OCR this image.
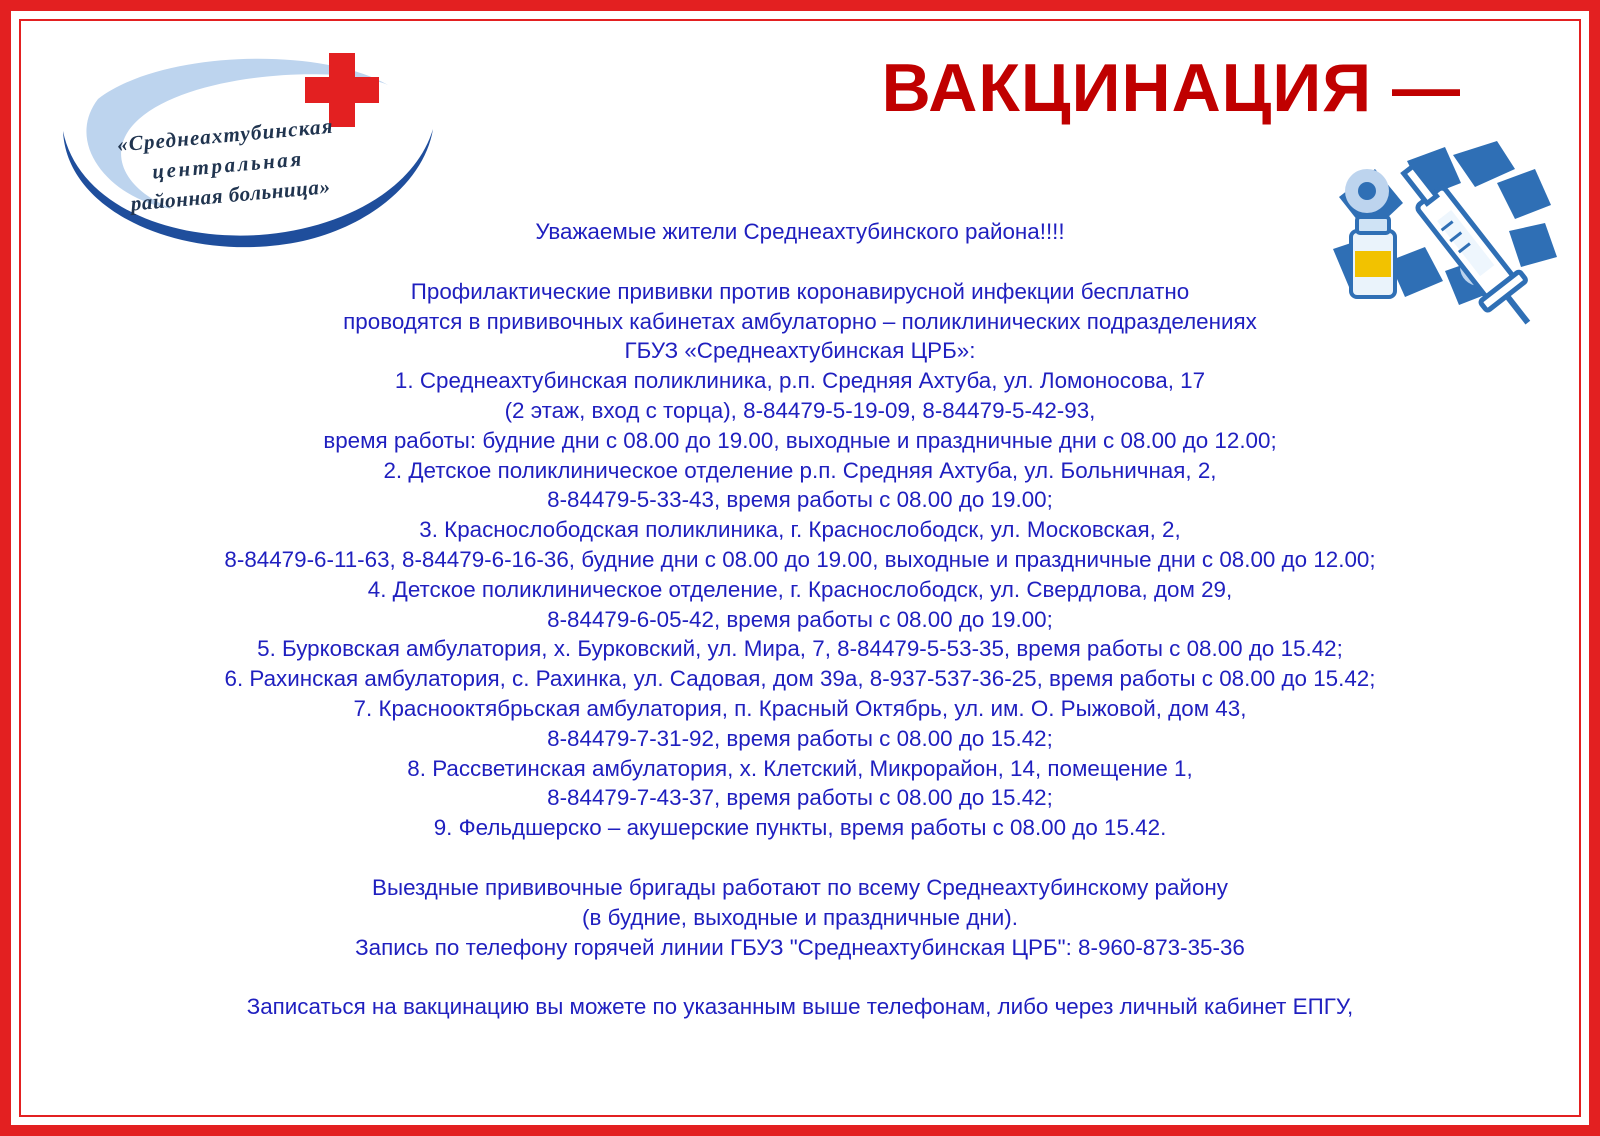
«Среднеахтубинская
центральная
районная больница»
ВАКЦИНАЦИЯ —

Уважаемые жители Среднеахтубинского района!!!!

Профилактические прививки против коронавирусной инфекции бесплатно

проводятся в прививочных кабинетах амбулаторно – поликлинических подразделениях

ГБУЗ «Среднеахтубинская ЦРБ»:

1. Среднеахтубинская поликлиника, р.п. Средняя Ахтуба, ул. Ломоносова, 17

(2 этаж, вход с торца), 8-84479-5-19-09, 8-84479-5-42-93,

время работы: будние дни с 08.00 до 19.00, выходные и праздничные дни с 08.00 до 12.00;

2. Детское поликлиническое отделение р.п. Средняя Ахтуба, ул. Больничная, 2,

8-84479-5-33-43, время работы с 08.00 до 19.00;

3. Краснослободская поликлиника, г. Краснослободск, ул. Московская, 2,

8-84479-6-11-63, 8-84479-6-16-36, будние дни с 08.00 до 19.00, выходные и праздничные дни с 08.00 до 12.00;

4. Детское поликлиническое отделение, г. Краснослободск, ул. Свердлова, дом 29,

8-84479-6-05-42, время работы с 08.00 до 19.00;

5. Бурковская амбулатория, х. Бурковский, ул. Мира, 7, 8-84479-5-53-35, время работы с 08.00 до 15.42;

6. Рахинская амбулатория, с. Рахинка, ул. Садовая, дом 39а, 8-937-537-36-25, время работы с 08.00 до 15.42;

7. Краснооктябрьская амбулатория, п. Красный Октябрь, ул. им. О. Рыжовой, дом 43,

8-84479-7-31-92, время работы с 08.00 до 15.42;

8. Рассветинская амбулатория, х. Клетский, Микрорайон, 14, помещение 1,

8-84479-7-43-37, время работы с 08.00 до 15.42;

9. Фельдшерско – акушерские пункты, время работы с 08.00 до 15.42.

Выездные прививочные бригады работают по всему Среднеахтубинскому району

(в будние, выходные и праздничные дни).

Запись по телефону горячей линии ГБУЗ "Среднеахтубинская ЦРБ": 8-960-873-35-36

Записаться на вакцинацию вы можете по указанным выше телефонам, либо через личный кабинет ЕПГУ,
